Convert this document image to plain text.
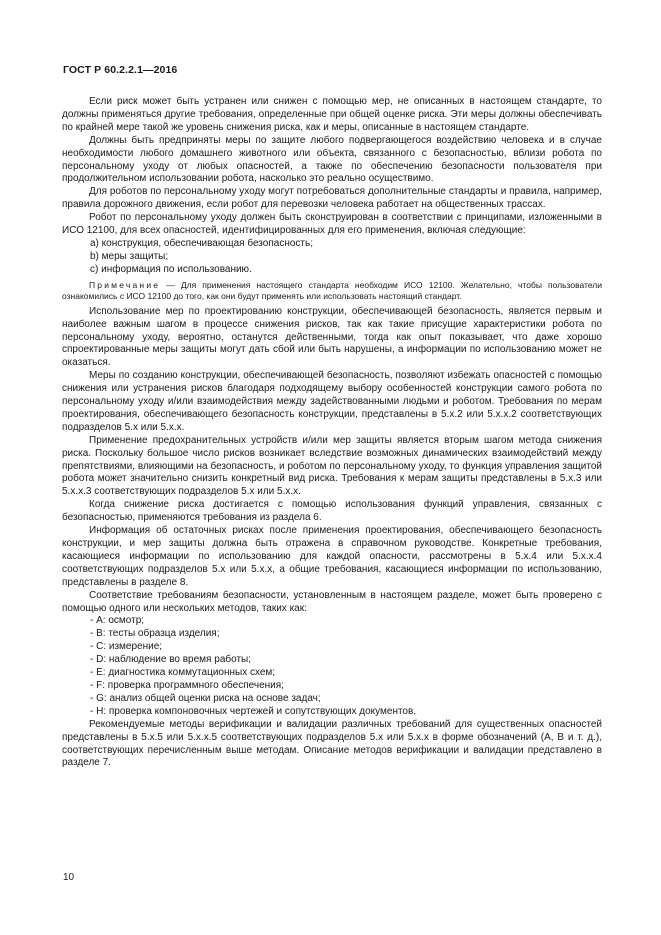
ГОСТ Р 60.2.2.1—2016

Если риск может быть устранен или снижен с помощью мер, не описанных в настоящем стандарте, то должны применяться другие требования, определенные при общей оценке риска. Эти меры должны обеспечивать по крайней мере такой же уровень снижения риска, как и меры, описанные в настоящем стандарте.

Должны быть предприняты меры по защите любого подвергающегося воздействию человека и в случае необходимости любого домашнего животного или объекта, связанного с безопасностью, вблизи робота по персональному уходу от любых опасностей, а также по обеспечению безопасности пользователя при продолжительном использовании робота, насколько это реально осуществимо.

Для роботов по персональному уходу могут потребоваться дополнительные стандарты и правила, например, правила дорожного движения, если робот для перевозки человека работает на общественных трассах.

Робот по персональному уходу должен быть сконструирован в соответствии с принципами, изложенными в ИСО 12100, для всех опасностей, идентифицированных для его применения, включая следующие:

а) конструкция, обеспечивающая безопасность;

b) меры защиты;

с) информация по использованию.

Примечание — Для применения настоящего стандарта необходим ИСО 12100. Желательно, чтобы пользователи ознакомились с ИСО 12100 до того, как они будут применять или использовать настоящий стандарт.

Использование мер по проектированию конструкции, обеспечивающей безопасность, является первым и наиболее важным шагом в процессе снижения рисков, так как такие присущие характеристики робота по персональному уходу, вероятно, останутся действенными, тогда как опыт показывает, что даже хорошо спроектированные меры защиты могут дать сбой или быть нарушены, а информации по использованию может не оказаться.

Меры по созданию конструкции, обеспечивающей безопасность, позволяют избежать опасностей с помощью снижения или устранения рисков благодаря подходящему выбору особенностей конструкции самого робота по персональному уходу и/или взаимодействия между задействованными людьми и роботом. Требования по мерам проектирования, обеспечивающего безопасность конструкции, представлены в 5.x.2 или 5.x.x.2 соответствующих подразделов 5.x или 5.x.x.

Применение предохранительных устройств и/или мер защиты является вторым шагом метода снижения риска. Поскольку большое число рисков возникает вследствие возможных динамических взаимодействий между препятствиями, влияющими на безопасность, и роботом по персональному уходу, то функция управления защитой робота может значительно снизить конкретный вид риска. Требования к мерам защиты представлены в 5.x.3 или 5.x.x.3 соответствующих подразделов 5.x или 5.x.x.

Когда снижение риска достигается с помощью использования функций управления, связанных с безопасностью, применяются требования из раздела 6.

Информация об остаточных рисках после применения проектирования, обеспечивающего безопасность конструкции, и мер защиты должна быть отражена в справочном руководстве. Конкретные требования, касающиеся информации по использованию для каждой опасности, рассмотрены в 5.x.4 или 5.x.x.4 соответствующих подразделов 5.x или 5.x.x, а общие требования, касающиеся информации по использованию, представлены в разделе 8.

Соответствие требованиям безопасности, установленным в настоящем разделе, может быть проверено с помощью одного или нескольких методов, таких как:

- А: осмотр;

- В: тесты образца изделия;

- С: измерение;

- D: наблюдение во время работы;

- Е: диагностика коммутационных схем;

- F: проверка программного обеспечения;

- G: анализ общей оценки риска на основе задач;

- Н: проверка компоновочных чертежей и сопутствующих документов.

Рекомендуемые методы верификации и валидации различных требований для существенных опасностей представлены в 5.x.5 или 5.x.x.5 соответствующих подразделов 5.x или 5.x.x в форме обозначений (А, В и т. д.), соответствующих перечисленным выше методам. Описание методов верификации и валидации представлено в разделе 7.

10
